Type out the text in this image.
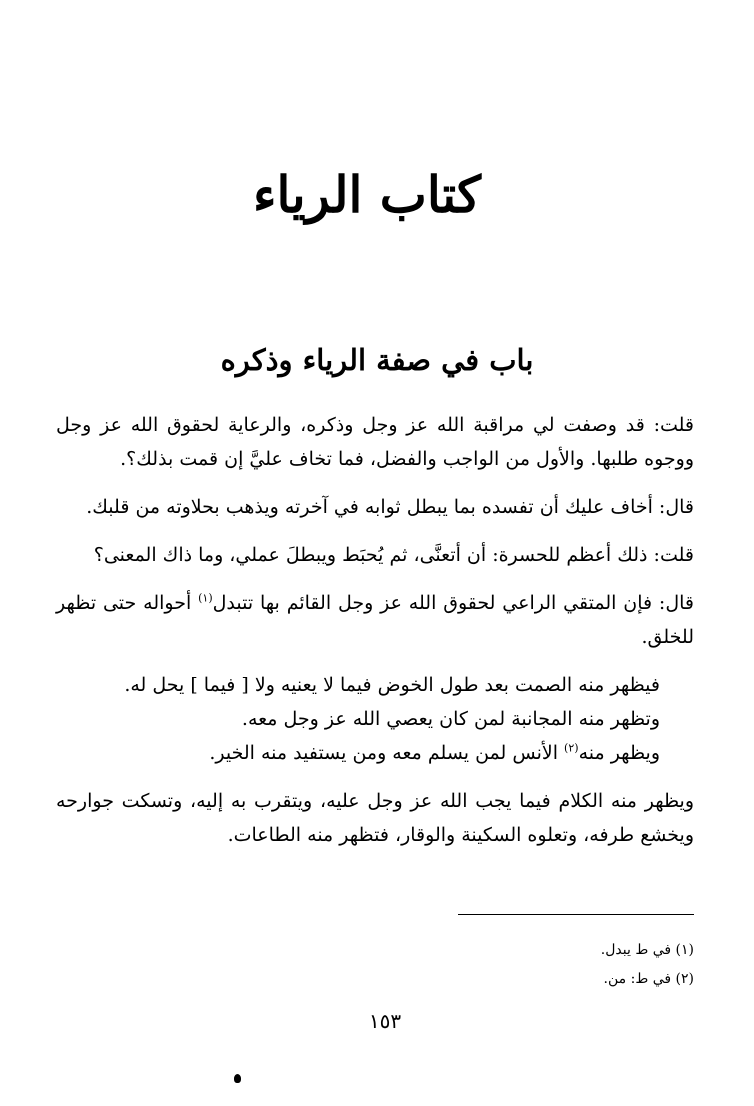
كتاب الرياء
باب في صفة الرياء وذكره

قلت: قد وصفت لي مراقبة الله عز وجل وذكره، والرعاية لحقوق الله عز وجل ووجوه طلبها. والأول من الواجب والفضل، فما تخاف عليَّ إن قمت بذلك؟.

قال: أخاف عليك أن تفسده بما يبطل ثوابه في آخرته ويذهب بحلاوته من قلبك.

قلت: ذلك أعظم للحسرة: أن أتعنَّى، ثم يُحبَط ويبطلَ عملي، وما ذاك المعنى؟

قال: فإن المتقي الراعي لحقوق الله عز وجل القائم بها تتبدل$^{(١)}$ أحواله حتى تظهر للخلق.

فيظهر منه الصمت بعد طول الخوض فيما لا يعنيه ولا [ فيما ] يحل له.

وتظهر منه المجانبة لمن كان يعصي الله عز وجل معه.

ويظهر منه$^{(٢)}$ الأنس لمن يسلم معه ومن يستفيد منه الخير.

ويظهر منه الكلام فيما يجب الله عز وجل عليه، ويتقرب به إليه، وتسكت جوارحه ويخشع طرفه، وتعلوه السكينة والوقار، فتظهر منه الطاعات.

(١) في ط يبدل.

(٢) في ط: من.

١٥٣
